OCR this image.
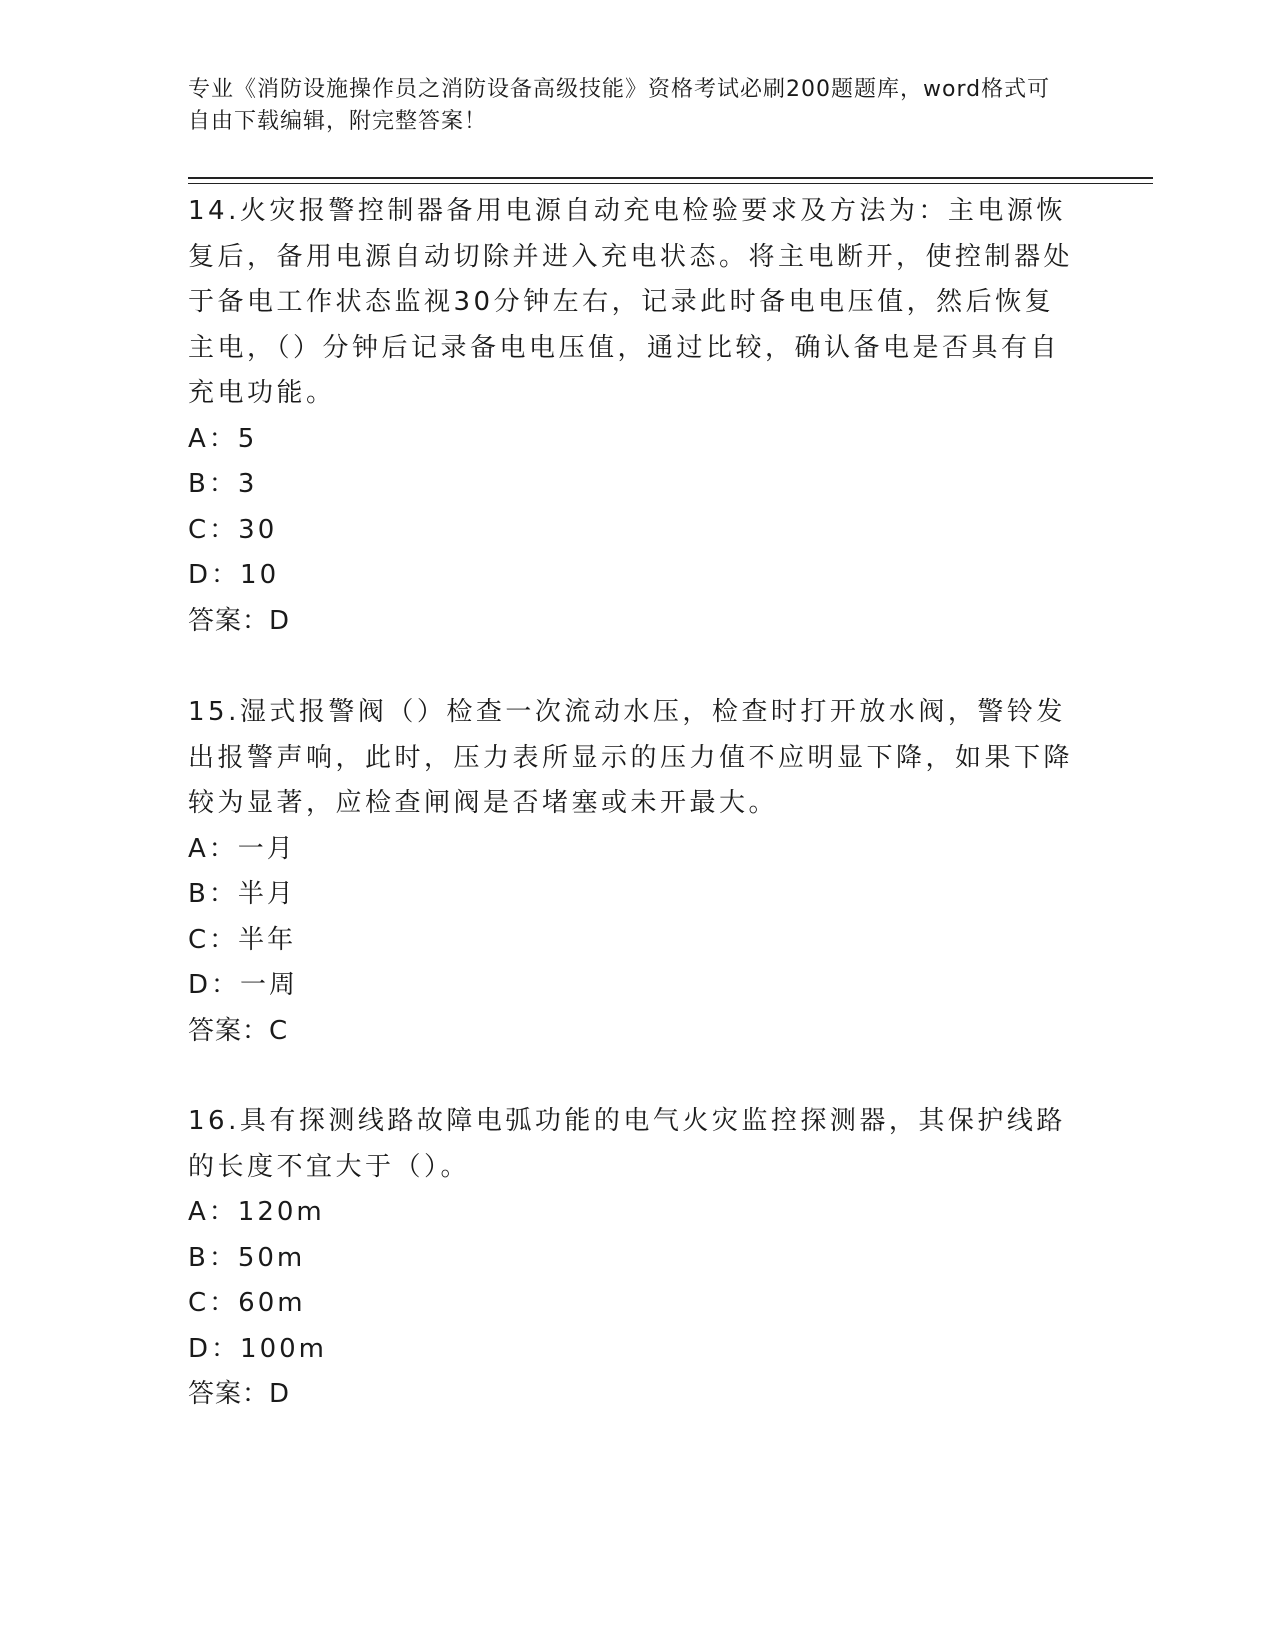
专业《消防设施操作员之消防设备高级技能》资格考试必刷200题题库，word格式可自由下载编辑，附完整答案！

14.火灾报警控制器备用电源自动充电检验要求及方法为：主电源恢复后，备用电源自动切除并进入充电状态。将主电断开，使控制器处于备电工作状态监视30分钟左右，记录此时备电电压值，然后恢复主电，（）分钟后记录备电电压值，通过比较，确认备电是否具有自充电功能。

A：5

B：3

C：30

D：10

答案：D

15.湿式报警阀（）检查一次流动水压，检查时打开放水阀，警铃发出报警声响，此时，压力表所显示的压力值不应明显下降，如果下降较为显著，应检查闸阀是否堵塞或未开最大。

A：一月

B：半月

C：半年

D：一周

答案：C

16.具有探测线路故障电弧功能的电气火灾监控探测器，其保护线路的长度不宜大于（）。

A：120m

B：50m

C：60m

D：100m

答案：D
